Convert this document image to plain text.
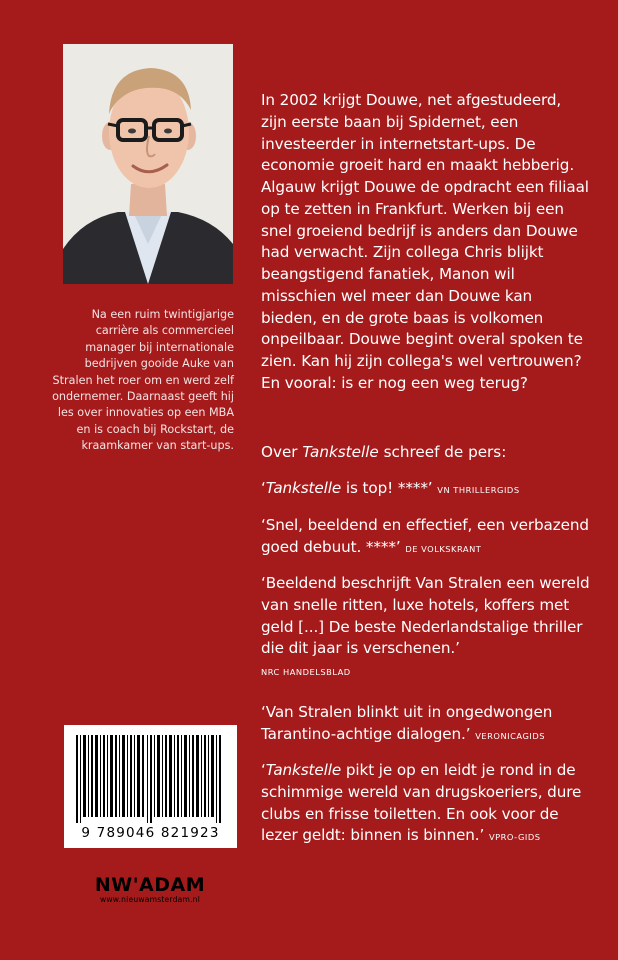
Na een ruim twintigjarige carrière als commercieel manager bij internationale bedrijven gooide Auke van Stralen het roer om en werd zelf ondernemer. Daarnaast geeft hij les over innovaties op een MBA en is coach bij Rockstart, de kraamkamer van start-ups.

In 2002 krijgt Douwe, net afgestudeerd, zijn eerste baan bij Spidernet, een investeerder in internetstart-ups. De economie groeit hard en maakt hebberig. Algauw krijgt Douwe de opdracht een filiaal op te zetten in Frankfurt. Werken bij een snel groeiend bedrijf is anders dan Douwe had verwacht. Zijn collega Chris blijkt beangstigend fanatiek, Manon wil misschien wel meer dan Douwe kan bieden, en de grote baas is volkomen onpeilbaar. Douwe begint overal spoken te zien. Kan hij zijn collega's wel vertrouwen? En vooral: is er nog een weg terug?

Over Tankstelle schreef de pers:

‘Tankstelle is top! ****’ VN THRILLERGIDS

‘Snel, beeldend en effectief, een verbazend goed debuut. ****’ DE VOLKSKRANT

‘Beeldend beschrijft Van Stralen een wereld van snelle ritten, luxe hotels, koffers met geld [...] De beste Nederlandstalige thriller die dit jaar is verschenen.’
NRC HANDELSBLAD

‘Van Stralen blinkt uit in ongedwongen Tarantino-achtige dialogen.’ VERONICAGIDS

‘Tankstelle pikt je op en leidt je rond in de schimmige wereld van drugskoeriers, dure clubs en frisse toiletten. En ook voor de lezer geldt: binnen is binnen.’ VPRO-GIDS

9 789046 821923
NW'ADAM
www.nieuwamsterdam.nl
